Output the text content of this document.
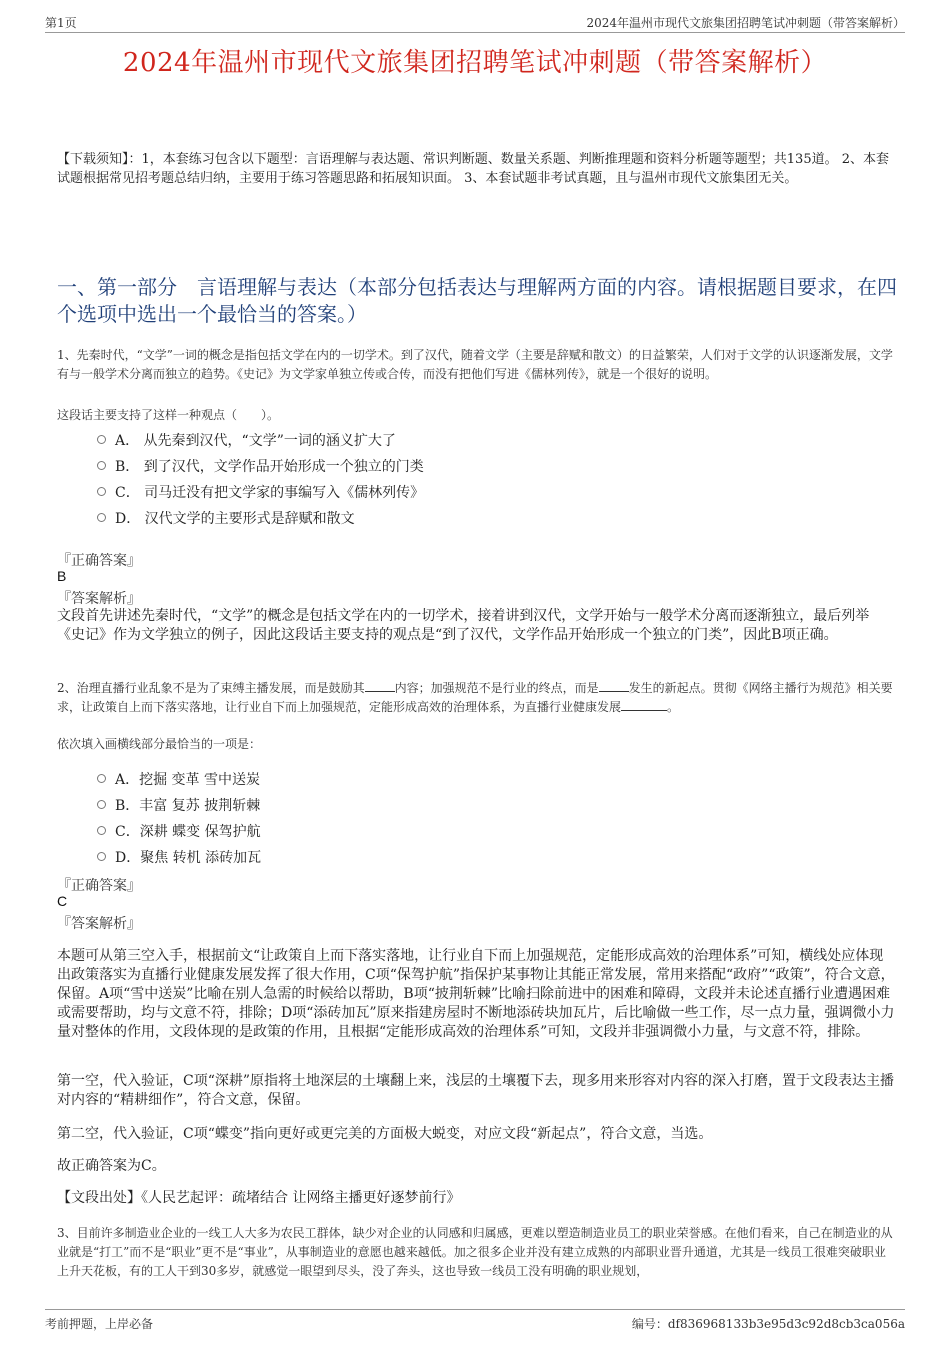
第1页	2024年温州市现代文旅集团招聘笔试冲刺题（带答案解析）
2024年温州市现代文旅集团招聘笔试冲刺题（带答案解析）
【下载须知】：1，本套练习包含以下题型：言语理解与表达题、常识判断题、数量关系题、判断推理题和资料分析题等题型；共135道。 2、本套试题根据常见招考题总结归纳，主要用于练习答题思路和拓展知识面。 3、本套试题非考试真题，且与温州市现代文旅集团无关。
一、第一部分　言语理解与表达（本部分包括表达与理解两方面的内容。请根据题目要求，在四个选项中选出一个最恰当的答案。）
1、先秦时代，“文学”一词的概念是指包括文学在内的一切学术。到了汉代，随着文学（主要是辞赋和散文）的日益繁荣，人们对于文学的认识逐渐发展，文学有与一般学术分离而独立的趋势。《史记》为文学家单独立传或合传，而没有把他们写进《儒林列传》，就是一个很好的说明。
这段话主要支持了这样一种观点（　　）。
A． 从先秦到汉代，“文学”一词的涵义扩大了
B． 到了汉代，文学作品开始形成一个独立的门类
C． 司马迁没有把文学家的事编写入《儒林列传》
D． 汉代文学的主要形式是辞赋和散文
『正确答案』
B
『答案解析』
文段首先讲述先秦时代，“文学”的概念是包括文学在内的一切学术，接着讲到汉代，文学开始与一般学术分离而逐渐独立，最后列举《史记》作为文学独立的例子，因此这段话主要支持的观点是“到了汉代，文学作品开始形成一个独立的门类”，因此B项正确。
2、治理直播行业乱象不是为了束缚主播发展，而是鼓励其	内容；加强规范不是行业的终点，而是	发生的新起点。贯彻《网络主播行为规范》相关要求，让政策自上而下落实落地，让行业自下而上加强规范，定能形成高效的治理体系，为直播行业健康发展	。
依次填入画横线部分最恰当的一项是：
A．挖掘 变革 雪中送炭
B．丰富 复苏 披荆斩棘
C．深耕 蝶变 保驾护航
D．聚焦 转机 添砖加瓦
『正确答案』
C
『答案解析』
本题可从第三空入手，根据前文“让政策自上而下落实落地，让行业自下而上加强规范，定能形成高效的治理体系”可知，横线处应体现出政策落实为直播行业健康发展发挥了很大作用，C项“保驾护航”指保护某事物让其能正常发展，常用来搭配“政府”“政策”，符合文意，保留。A项“雪中送炭”比喻在别人急需的时候给以帮助，B项“披荆斩棘”比喻扫除前进中的困难和障碍，文段并未论述直播行业遭遇困难或需要帮助，均与文意不符，排除；D项“添砖加瓦”原来指建房屋时不断地添砖块加瓦片，后比喻做一些工作，尽一点力量，强调微小力量对整体的作用，文段体现的是政策的作用，且根据“定能形成高效的治理体系”可知，文段并非强调微小力量，与文意不符，排除。
第一空，代入验证，C项“深耕”原指将土地深层的土壤翻上来，浅层的土壤覆下去，现多用来形容对内容的深入打磨，置于文段表达主播对内容的“精耕细作”，符合文意，保留。
第二空，代入验证，C项“蝶变”指向更好或更完美的方面极大蜕变，对应文段“新起点”，符合文意，当选。
故正确答案为C。
【文段出处】《人民艺起评：疏堵结合 让网络主播更好逐梦前行》
3、目前许多制造业企业的一线工人大多为农民工群体，缺少对企业的认同感和归属感，更难以塑造制造业员工的职业荣誉感。在他们看来，自己在制造业的从业就是“打工”而不是“职业”更不是“事业”，从事制造业的意愿也越来越低。加之很多企业并没有建立成熟的内部职业晋升通道，尤其是一线员工很难突破职业上升天花板，有的工人干到30多岁，就感觉一眼望到尽头，没了奔头，这也导致一线员工没有明确的职业规划，
考前押题，上岸必备	编号：df836968133b3e95d3c92d8cb3ca056a
